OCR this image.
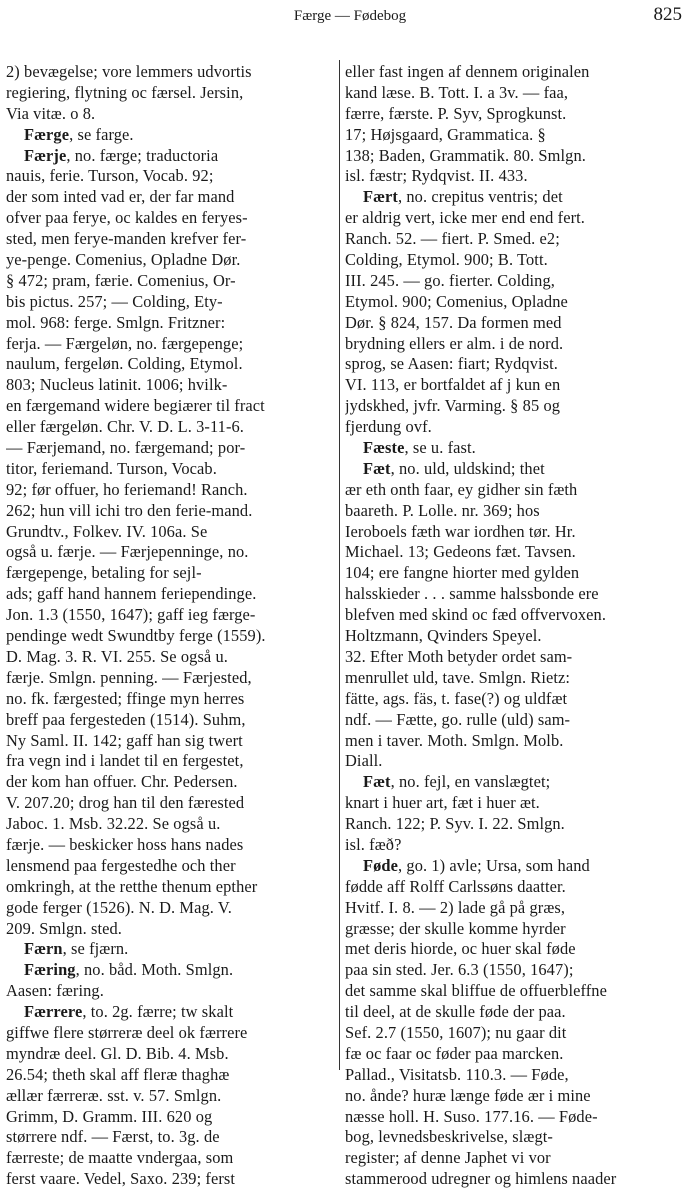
Færge — Fødebog	825
2) bevægelse; vore lemmers udvortis
regiering, flytning oc færsel. Jersin,
Via vitæ. o 8.
Færge, se farge.
Færje, no. færge; traductoria
nauis, ferie. Turson, Vocab. 92;
der som inted vad er, der far mand
ofver paa ferye, oc kaldes en feryes-
sted, men ferye-manden krefver fer-
ye-penge. Comenius, Opladne Dør.
§ 472; pram, færie. Comenius, Or-
bis pictus. 257; — Colding, Ety-
mol. 968: ferge. Smlgn. Fritzner:
ferja. — Færgeløn, no. færgepenge;
naulum, fergeløn. Colding, Etymol.
803; Nucleus latinit. 1006; hvilk-
en færgemand widere begiærer til fract
eller færgeløn. Chr. V. D. L. 3-11-6.
— Færjemand, no. færgemand; por-
titor, feriemand. Turson, Vocab.
92; før offuer, ho feriemand! Ranch.
262; hun vill ichi tro den ferie-mand.
Grundtv., Folkev. IV. 106a. Se
også u. færje. — Færjepenninge, no.
færgepenge, betaling for sejl-
ads; gaff hand hannem feriependinge.
Jon. 1.3 (1550, 1647); gaff ieg færge-
pendinge wedt Swundtby ferge (1559).
D. Mag. 3. R. VI. 255. Se også u.
færje. Smlgn. penning. — Færjested,
no. fk. færgested; ffinge myn herres
breff paa fergesteden (1514). Suhm,
Ny Saml. II. 142; gaff han sig twert
fra vegn ind i landet til en fergestet,
der kom han offuer. Chr. Pedersen.
V. 207.20; drog han til den færested
Jaboc. 1. Msb. 32.22. Se også u.
færje. — beskicker hoss hans nades
lensmend paa fergestedhe och ther
omkringh, at the retthe thenum epther
gode ferger (1526). N. D. Mag. V.
209. Smlgn. sted.
Færn, se fjærn.
Færing, no. båd. Moth. Smlgn.
Aasen: færing.
Færrere, to. 2g. færre; tw skalt
giffwe flere størreræ deel ok færrere
myndræ deel. Gl. D. Bib. 4. Msb.
26.54; theth skal aff fleræ thaghæ
ællær færreræ. sst. v. 57. Smlgn.
Grimm, D. Gramm. III. 620 og
størrere ndf. — Færst, to. 3g. de
færreste; de maatte vndergaa, som
ferst vaare. Vedel, Saxo. 239; ferst
eller fast ingen af dennem originalen
kand læse. B. Tott. I. a 3v. — faa,
færre, færste. P. Syv, Sprogkunst.
17; Højsgaard, Grammatica. §
138; Baden, Grammatik. 80. Smlgn.
isl. fæstr; Rydqvist. II. 433.
Fært, no. crepitus ventris; det
er aldrig vert, icke mer end end fert.
Ranch. 52. — fiert. P. Smed. e2;
Colding, Etymol. 900; B. Tott.
III. 245. — go. fierter. Colding,
Etymol. 900; Comenius, Opladne
Dør. § 824, 157. Da formen med
brydning ellers er alm. i de nord.
sprog, se Aasen: fiart; Rydqvist.
VI. 113, er bortfaldet af j kun en
jydskhed, jvfr. Varming. § 85 og
fjerdung ovf.
Fæste, se u. fast.
Fæt, no. uld, uldskind; thet
ær eth onth faar, ey gidher sin fæth
baareth. P. Lolle. nr. 369; hos
Ieroboels fæth war iordhen tør. Hr.
Michael. 13; Gedeons fæt. Tavsen.
104; ere fangne hiorter med gylden
halsskieder . . . samme halssbonde ere
blefven med skind oc fæd offvervoxen.
Holtzmann, Qvinders Speyel.
32. Efter Moth betyder ordet sam-
menrullet uld, tave. Smlgn. Rietz:
fätte, ags. fäs, t. fase(?) og uldfæt
ndf. — Fætte, go. rulle (uld) sam-
men i taver. Moth. Smlgn. Molb.
Diall.
Fæt, no. fejl, en vanslægtet;
knart i huer art, fæt i huer æt.
Ranch. 122; P. Syv. I. 22. Smlgn.
isl. fæð?
Føde, go. 1) avle; Ursa, som hand
fødde aff Rolff Carlssøns daatter.
Hvitf. I. 8. — 2) lade gå på græs,
græsse; der skulle komme hyrder
met deris hiorde, oc huer skal føde
paa sin sted. Jer. 6.3 (1550, 1647);
det samme skal bliffue de offuerbleffne
til deel, at de skulle føde der paa.
Sef. 2.7 (1550, 1607); nu gaar dit
fæ oc faar oc føder paa marcken.
Pallad., Visitatsb. 110.3. — Føde,
no. ånde? huræ længe føde ær i mine
næsse holl. H. Suso. 177.16. — Føde-
bog, levnedsbeskrivelse, slægt-
register; af denne Japhet vi vor
stammerood udregner og himlens naader
